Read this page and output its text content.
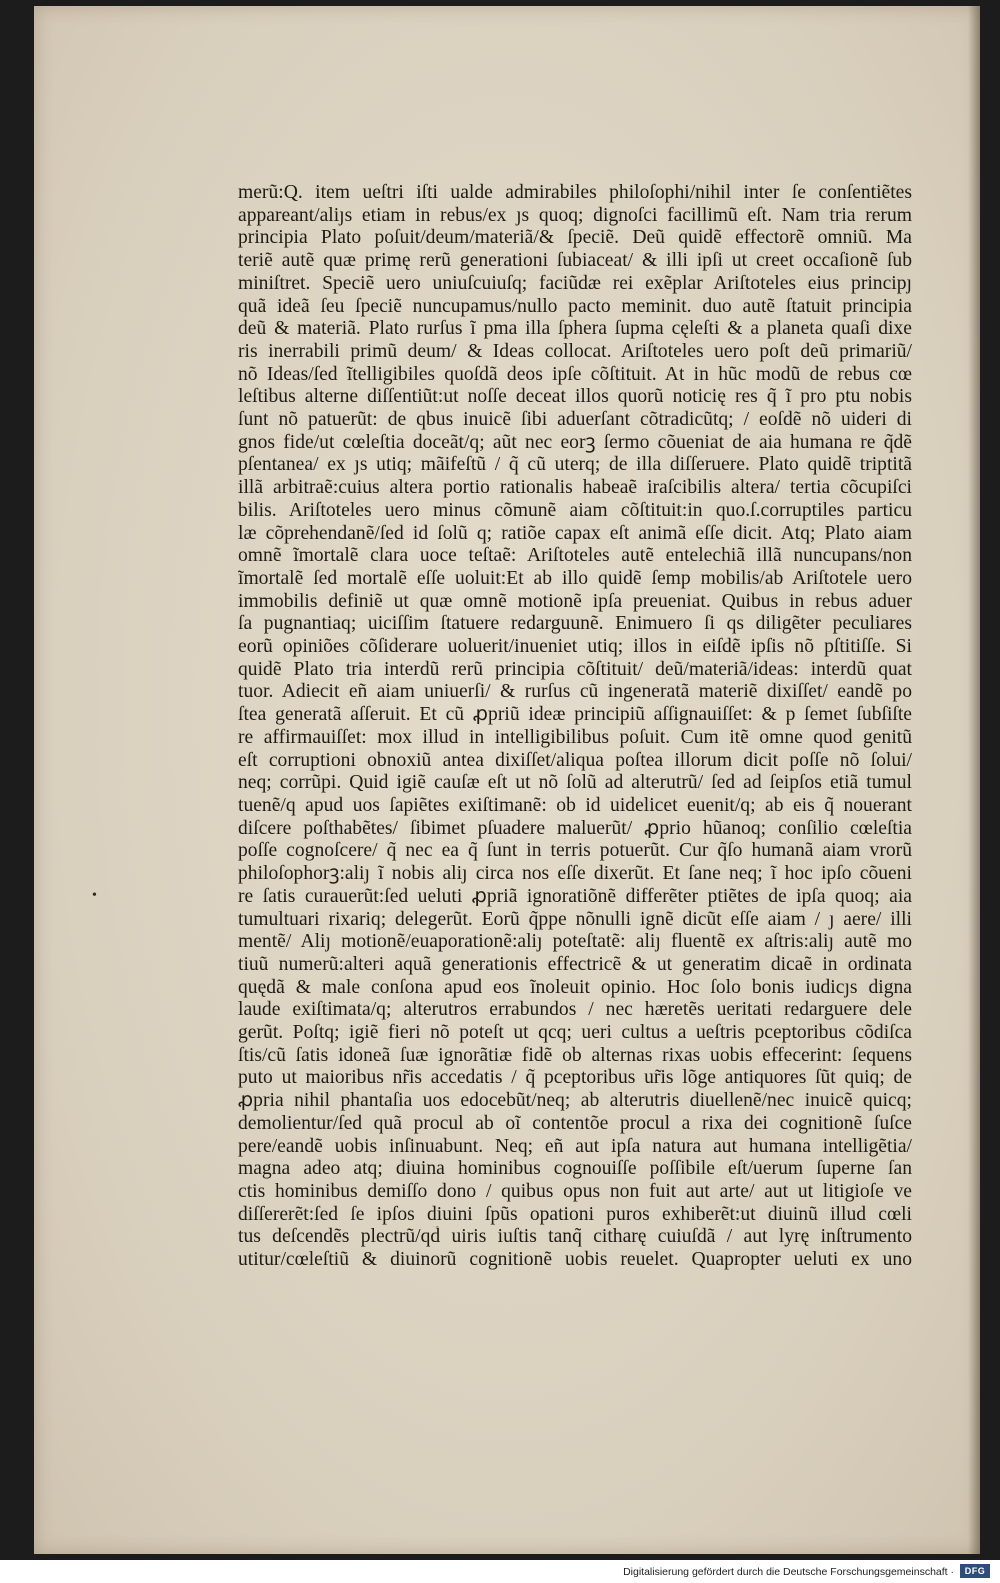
•
merũ:Q. item ueſtri iſti ualde admirabiles philoſophi/nihil inter ſe conſentiẽtes
appareant/aliȷs etiam in rebus/ex ȷs quoq; dignoſci facillimũ eſt. Nam tria rerum
principia Plato poſuit/deum/materiã/& ſpeciẽ. Deũ quidẽ effectorẽ omniũ. Ma
teriẽ autẽ quæ primę rerũ generationi ſubiaceat/ & illi ipſi ut creet occaſionẽ ſub
miniſtret. Speciẽ uero uniuſcuiuſq; faciũdæ rei exẽplar Ariſtoteles eius principȷ
quã ideã ſeu ſpeciẽ nuncupamus/nullo pacto meminit. duo autẽ ſtatuit principia
deũ & materiã. Plato rurſus ĩ pma illa ſphera ſupma cęleſti & a planeta quaſi dixe
ris inerrabili primũ deum/ & Ideas collocat. Ariſtoteles uero poſt deũ primariũ/
nõ Ideas/ſed ĩtelligibiles quoſdã deos ipſe cõſtituit. At in hũc modũ de rebus cœ
leſtibus alterne diſſentiũt:ut noſſe deceat illos quorũ noticię res q̃ ĩ pro ptu nobis
ſunt nõ patuerũt: de qbus inuicẽ ſibi aduerſant cõtradicũtq; / eoſdẽ nõ uideri di
gnos fide/ut cœleſtia doceãt/q; aũt nec eorꝫ ſermo cõueniat de aia humana re q̃dẽ
pſentanea/ ex ȷs utiq; mãifeſtũ / q̃ cũ uterq; de illa diſſeruere. Plato quidẽ triptitã
illã arbitraẽ:cuius altera portio rationalis habeaẽ iraſcibilis altera/ tertia cõcupiſci
bilis. Ariſtoteles uero minus cõmunẽ aiam cõſtituit:in quo.ſ.corruptiles particu
læ cõprehendanẽ/ſed id ſolũ q; ratiõe capax eſt animã eſſe dicit. Atq; Plato aiam
omnẽ ĩmortalẽ clara uoce teſtaẽ: Ariſtoteles autẽ entelechiã illã nuncupans/non
ĩmortalẽ ſed mortalẽ eſſe uoluit:Et ab illo quidẽ ſemp mobilis/ab Ariſtotele uero
immobilis definiẽ ut quæ omnẽ motionẽ ipſa preueniat. Quibus in rebus aduer
ſa pugnantiaq; uiciſſim ſtatuere redarguunẽ. Enimuero ſi qs diligẽter peculiares
eorũ opiniões cõſiderare uoluerit/inueniet utiq; illos in eiſdẽ ipſis nõ pſtitiſſe. Si
quidẽ Plato tria interdũ rerũ principia cõſtituit/ deũ/materiã/ideas: interdũ quat
tuor. Adiecit eñ aiam uniuerſi/ & rurſus cũ ingeneratã materiẽ dixiſſet/ eandẽ po
ſtea generatã aſſeruit. Et cũ ꝓpriũ ideæ principiũ aſſignauiſſet: & p ſemet ſubſiſte
re affirmauiſſet: mox illud in intelligibilibus poſuit. Cum itẽ omne quod genitũ
eſt corruptioni obnoxiũ antea dixiſſet/aliqua poſtea illorum dicit poſſe nõ ſolui/
neq; corrũpi. Quid igiẽ cauſæ eſt ut nõ ſolũ ad alterutrũ/ ſed ad ſeipſos etiã tumul
tuenẽ/q apud uos ſapiẽtes exiſtimanẽ: ob id uidelicet euenit/q; ab eis q̃ nouerant
diſcere poſthabẽtes/ ſibimet pſuadere maluerũt/ ꝓprio hũanoq; conſilio cœleſtia
poſſe cognoſcere/ q̃ nec ea q̃ ſunt in terris potuerũt. Cur q̃ſo humanã aiam vrorũ
philoſophorꝫ:aliȷ ĩ nobis aliȷ circa nos eſſe dixerũt. Et ſane neq; ĩ hoc ipſo cõueni
re ſatis curauerũt:ſed ueluti ꝓpriã ignoratiõnẽ differẽter ptiẽtes de ipſa quoq; aia
tumultuari rixariq; delegerũt. Eorũ q̃ppe nõnulli ignẽ dicũt eſſe aiam / ȷ aere/ illi
mentẽ/ Aliȷ motionẽ/euaporationẽ:aliȷ poteſtatẽ: aliȷ fluentẽ ex aſtris:aliȷ autẽ mo
tiuũ numerũ:alteri aquã generationis effectricẽ & ut generatim dicaẽ in ordinata
quędã & male conſona apud eos ĩnoleuit opinio. Hoc ſolo bonis iudicȷs digna
laude exiſtimata/q; alterutros errabundos / nec hæretẽs ueritati redarguere dele
gerũt. Poſtq; igiẽ fieri nõ poteſt ut qcq; ueri cultus a ueſtris pceptoribus cõdiſca
ſtis/cũ ſatis idoneã ſuæ ignorãtiæ fidẽ ob alternas rixas uobis effecerint: ſequens
puto ut maioribus nr̃is accedatis / q̃ pceptoribus ur̃is lõge antiquores ſũt quiq; de
ꝓpria nihil phantaſia uos edocebũt/neq; ab alterutris diuellenẽ/nec inuicẽ quicq;
demolientur/ſed quã procul ab oĩ contentõe procul a rixa dei cognitionẽ ſuſce
pere/eandẽ uobis inſinuabunt. Neq; eñ aut ipſa natura aut humana intelligẽtia/
magna adeo atq; diuina hominibus cognouiſſe poſſibile eſt/uerum ſuperne ſan
ctis hominibus demiſſo dono / quibus opus non fuit aut arte/ aut ut litigioſe ve
diſſererẽt:ſed ſe ipſos diuini ſpũs opationi puros exhiberẽt:ut diuinũ illud cœli
tus deſcendẽs plectrũ/qd̃ uiris iuſtis tanq̃ citharę cuiuſdã / aut lyrę inſtrumento
utitur/cœleſtiũ & diuinorũ cognitionẽ uobis reuelet. Quapropter ueluti ex uno
Digitalisierung gefördert durch die Deutsche Forschungsgemeinschaft ·	DFG
